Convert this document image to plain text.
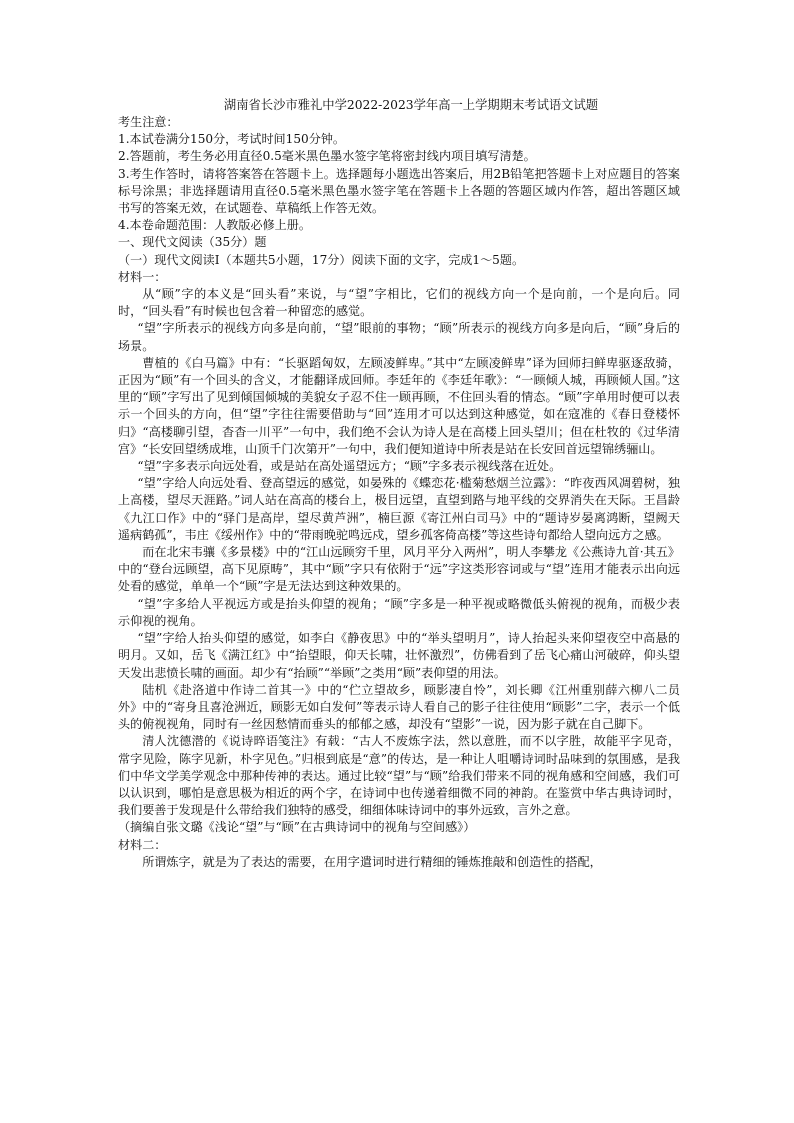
湖南省长沙市雅礼中学2022-2023学年高一上学期期末考试语文试题
考生注意：
1.本试卷满分150分，考试时间150分钟。
2.答题前，考生务必用直径0.5毫米黑色墨水签字笔将密封线内项目填写清楚。
3.考生作答时，请将答案答在答题卡上。选择题每小题选出答案后，用2B铅笔把答题卡上对应题目的答案标号涂黑；非选择题请用直径0.5毫米黑色墨水签字笔在答题卡上各题的答题区域内作答，超出答题区域书写的答案无效，在试题卷、草稿纸上作答无效。
4.本卷命题范围：人教版必修上册。
一、现代文阅读（35分）题
（一）现代文阅读Ⅰ（本题共5小题，17分）阅读下面的文字，完成1～5题。
材料一：
从“顾”字的本义是“回头看”来说，与“望”字相比，它们的视线方向一个是向前，一个是向后。同时，“回头看”有时候也包含着一种留恋的感觉。
“望”字所表示的视线方向多是向前，“望”眼前的事物；“顾”所表示的视线方向多是向后，“顾”身后的场景。
曹植的《白马篇》中有：“长驱蹈匈奴，左顾凌鲜卑。”其中“左顾凌鲜卑”译为回师扫鲜卑驱逐敌骑，正因为“顾”有一个回头的含义，才能翻译成回师。李廷年的《李廷年歌》：“一顾倾人城，再顾倾人国。”这里的“顾”字写出了见到倾国倾城的美貌女子忍不住一顾再顾，不住回头看的情态。“顾”字单用时便可以表示一个回头的方向，但“望”字往往需要借助与“回”连用才可以达到这种感觉，如在寇准的《春日登楼怀归》“高楼聊引望，杳杳一川平”一句中，我们绝不会认为诗人是在高楼上回头望川；但在杜牧的《过华清宫》“长安回望绣成堆，山顶千门次第开”一句中，我们便知道诗中所表是站在长安回首远望锦绣骊山。
“望”字多表示向远处看，或是站在高处遥望远方；“顾”字多表示视线落在近处。
“望”字给人向远处看、登高望远的感觉，如晏殊的《蝶恋花·槛菊愁烟兰泣露》：“昨夜西风凋碧树，独上高楼，望尽天涯路。”词人站在高高的楼台上，极目远望，直望到路与地平线的交界消失在天际。王昌龄《九江口作》中的“驿门是高岸，望尽黄芦洲”，楠巨源《寄江州白司马》中的“题诗岁晏离鸿断，望阙天遥病鹤孤”，韦庄《绥州作》中的“带雨晚驼鸣远戍，望乡孤客倚高楼”等这些诗句都给人望向远方之感。
而在北宋韦骧《多景楼》中的“江山远顾穷千里，风月平分入两州”，明人李攀龙《公燕诗九首·其五》中的“登台远顾望，高下见原畴”，其中“顾”字只有依附于“远”字这类形容词或与“望”连用才能表示出向远处看的感觉，单单一个“顾”字是无法达到这种效果的。
“望”字多给人平视远方或是抬头仰望的视角；“顾”字多是一种平视或略微低头俯视的视角，而极少表示仰视的视角。
“望”字给人抬头仰望的感觉，如李白《静夜思》中的“举头望明月”，诗人抬起头来仰望夜空中高悬的明月。又如，岳飞《满江红》中“抬望眼，仰天长啸，壮怀激烈”，仿佛看到了岳飞心痛山河破碎，仰头望天发出悲愤长啸的画面。却少有“抬顾”“举顾”之类用“顾”表仰望的用法。
陆机《赴洛道中作诗二首其一》中的“伫立望故乡，顾影凄自怜”，刘长卿《江州重别薛六柳八二员外》中的“寄身且喜沧洲近，顾影无如白发何”等表示诗人看自己的影子往往使用“顾影”二字，表示一个低头的俯视视角，同时有一丝因愁情而垂头的郁郁之感，却没有“望影”一说，因为影子就在自己脚下。
清人沈德潜的《说诗晬语笺注》有载：“古人不废炼字法，然以意胜，而不以字胜，故能平字见奇，常字见险，陈字见新，朴字见色。”归根到底是“意”的传达，是一种让人咀嚼诗词时品味到的氛围感，是我们中华文学美学观念中那种传神的表达。通过比较“望”与“顾”给我们带来不同的视角感和空间感，我们可以认识到，哪怕是意思极为相近的两个字，在诗词中也传递着细微不同的神韵。在鉴赏中华古典诗词时，我们要善于发现是什么带给我们独特的感受，细细体味诗词中的事外远致，言外之意。
（摘编自张文璐《浅论“望”与“顾”在古典诗词中的视角与空间感》）
材料二：
所谓炼字，就是为了表达的需要，在用字遣词时进行精细的锤炼推敲和创造性的搭配，
